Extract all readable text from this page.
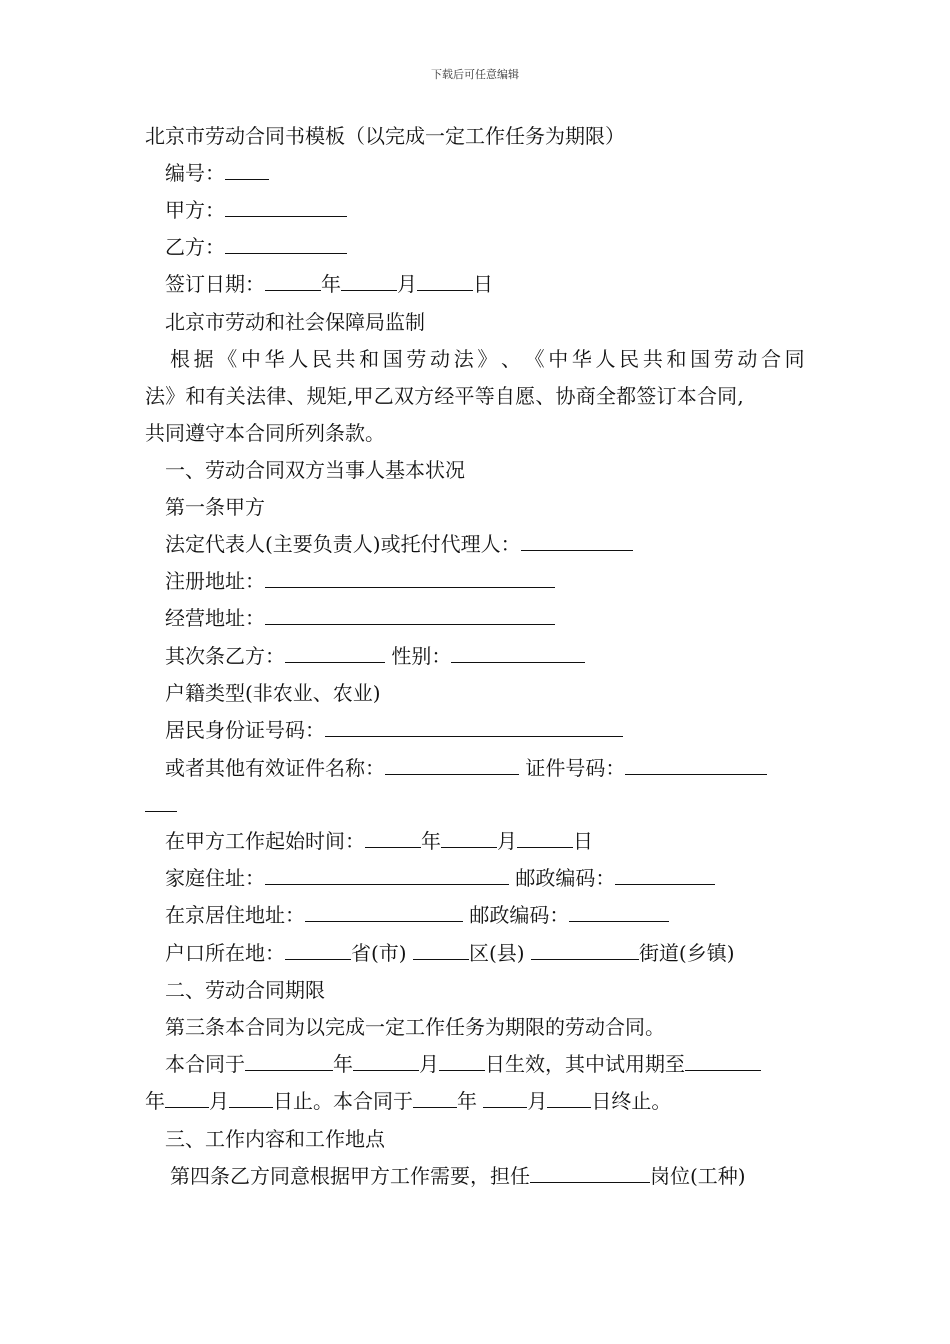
下载后可任意编辑
北京市劳动合同书模板（以完成一定工作任务为期限）
编号：
甲方：
乙方：
签订日期：	年	月	日
北京市劳动和社会保障局监制
根 据 《 中 华 人 民 共 和 国 劳 动 法 》 、 《 中 华 人 民 共 和 国 劳 动 合 同
法》和有关法律、规矩,甲乙双方经平等自愿、协商全都签订本合同,
共同遵守本合同所列条款。
一、劳动合同双方当事人基本状况
第一条甲方
法定代表人(主要负责人)或托付代理人：
注册地址：
经营地址：
其次条乙方：	性别：
户籍类型(非农业、农业)
居民身份证号码：
或者其他有效证件名称：	证件号码：
在甲方工作起始时间：	年	月	日
家庭住址：	邮政编码：
在京居住地址：	邮政编码：
户口所在地：	省(市)	区(县)	街道(乡镇)
二、劳动合同期限
第三条本合同为以完成一定工作任务为期限的劳动合同。
本合同于	年	月 日生效，其中试用期至
年 月 日止。本合同于 年	月 日终止。
三、工作内容和工作地点
第四条乙方同意根据甲方工作需要，担任	岗位(工种)
